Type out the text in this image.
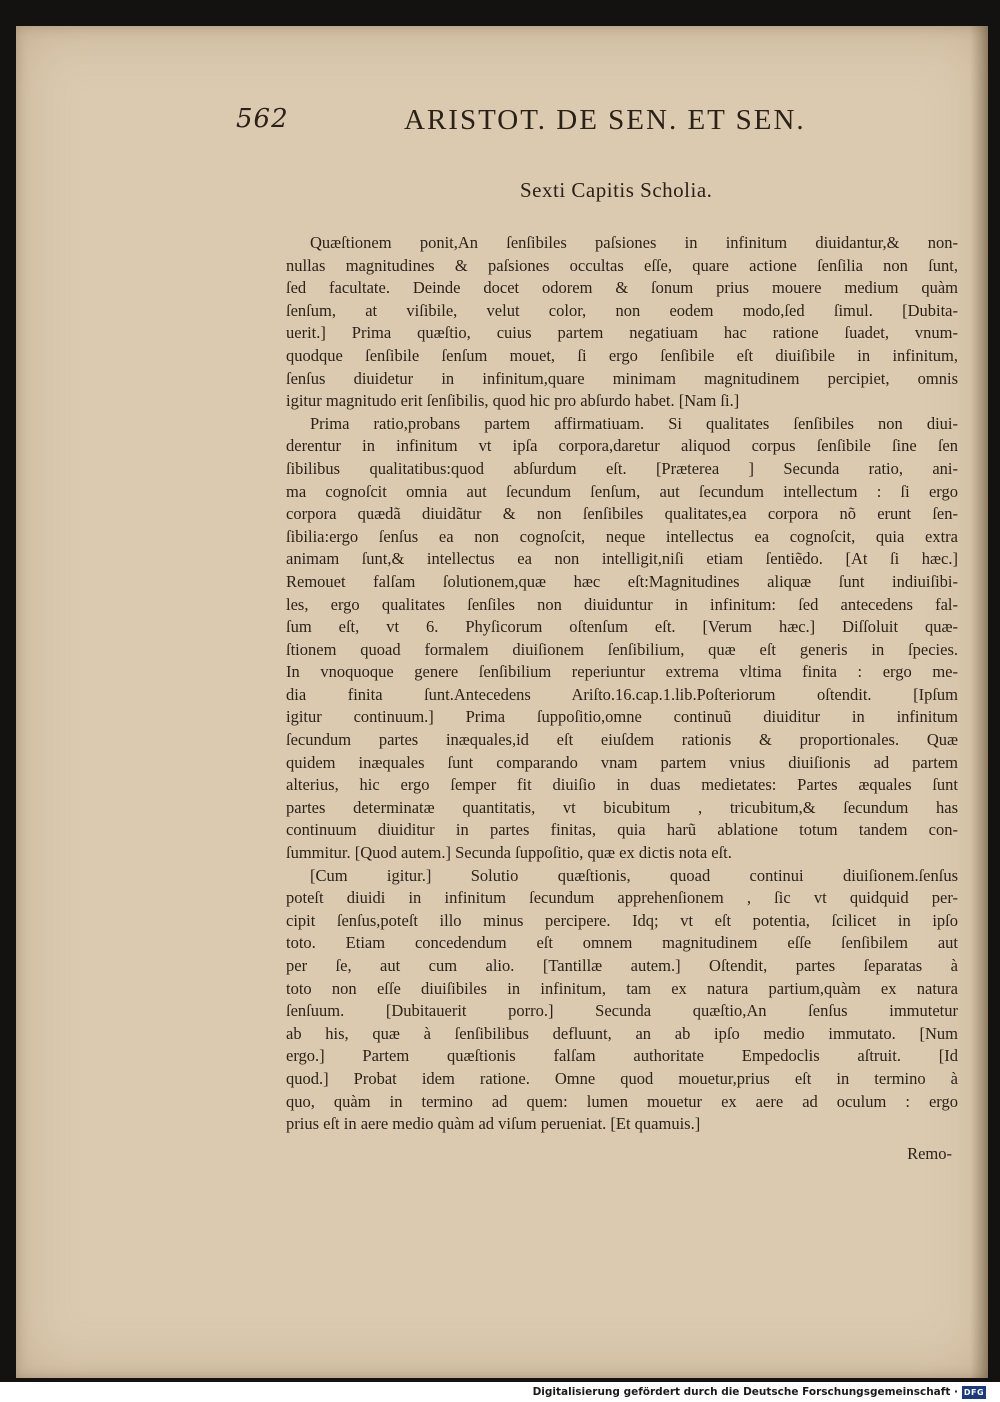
562	ARISTOT. DE SEN. ET SEN.
Sexti Capitis Scholia.
Quæſtionem ponit,An ſenſibiles paſsiones in infinitum diuidantur,& non-
nullas magnitudines & paſsiones occultas eſſe, quare actione ſenſilia non ſunt,
ſed facultate. Deinde docet odorem & ſonum prius mouere medium quàm
ſenſum, at viſibile, velut color, non eodem modo,ſed ſimul. [Dubita-
uerit.] Prima quæſtio, cuius partem negatiuam hac ratione ſuadet, vnum-
quodque ſenſibile ſenſum mouet, ſi ergo ſenſibile eſt diuiſibile in infinitum,
ſenſus diuidetur in infinitum,quare minimam magnitudinem percipiet, omnis
igitur magnitudo erit ſenſibilis, quod hic pro abſurdo habet. [Nam ſi.]
Prima ratio,probans partem affirmatiuam. Si qualitates ſenſibiles non diui-
derentur in infinitum vt ipſa corpora,daretur aliquod corpus ſenſibile ſine ſen
ſibilibus qualitatibus:quod abſurdum eſt. [Præterea ] Secunda ratio, ani-
ma cognoſcit omnia aut ſecundum ſenſum, aut ſecundum intellectum : ſi ergo
corpora quædã diuidãtur & non ſenſibiles qualitates,ea corpora nõ erunt ſen-
ſibilia:ergo ſenſus ea non cognoſcit, neque intellectus ea cognoſcit, quia extra
animam ſunt,& intellectus ea non intelligit,niſi etiam ſentiẽdo. [At ſi hæc.]
Remouet falſam ſolutionem,quæ hæc eſt:Magnitudines aliquæ ſunt indiuiſibi-
les, ergo qualitates ſenſiles non diuiduntur in infinitum: ſed antecedens fal-
ſum eſt, vt 6. Phyſicorum oſtenſum eſt. [Verum hæc.] Diſſoluit quæ-
ſtionem quoad formalem diuiſionem ſenſibilium, quæ eſt generis in ſpecies.
In vnoquoque genere ſenſibilium reperiuntur extrema vltima finita : ergo me-
dia finita ſunt.Antecedens Ariſto.16.cap.1.lib.Poſteriorum oſtendit. [Ipſum
igitur continuum.] Prima ſuppoſitio,omne continuũ diuiditur in infinitum
ſecundum partes inæquales,id eſt eiuſdem rationis & proportionales. Quæ
quidem inæquales ſunt comparando vnam partem vnius diuiſionis ad partem
alterius, hic ergo ſemper fit diuiſio in duas medietates: Partes æquales ſunt
partes determinatæ quantitatis, vt bicubitum , tricubitum,& ſecundum has
continuum diuiditur in partes finitas, quia harũ ablatione totum tandem con-
ſummitur. [Quod autem.] Secunda ſuppoſitio, quæ ex dictis nota eſt.
[Cum igitur.] Solutio quæſtionis, quoad continui diuiſionem.ſenſus
poteſt diuidi in infinitum ſecundum apprehenſionem , ſic vt quidquid per-
cipit ſenſus,poteſt illo minus percipere. Idq; vt eſt potentia, ſcilicet in ipſo
toto. Etiam concedendum eſt omnem magnitudinem eſſe ſenſibilem aut
per ſe, aut cum alio. [Tantillæ autem.] Oſtendit, partes ſeparatas à
toto non eſſe diuiſibiles in infinitum, tam ex natura partium,quàm ex natura
ſenſuum. [Dubitauerit porro.] Secunda quæſtio,An ſenſus immutetur
ab his, quæ à ſenſibilibus defluunt, an ab ipſo medio immutato. [Num
ergo.] Partem quæſtionis falſam authoritate Empedoclis aſtruit. [Id
quod.] Probat idem ratione. Omne quod mouetur,prius eſt in termino à
quo, quàm in termino ad quem: lumen mouetur ex aere ad oculum : ergo
prius eſt in aere medio quàm ad viſum perueniat. [Et quamuis.]
Remo-
Digitalisierung gefördert durch die Deutsche Forschungsgemeinschaft · DFG
